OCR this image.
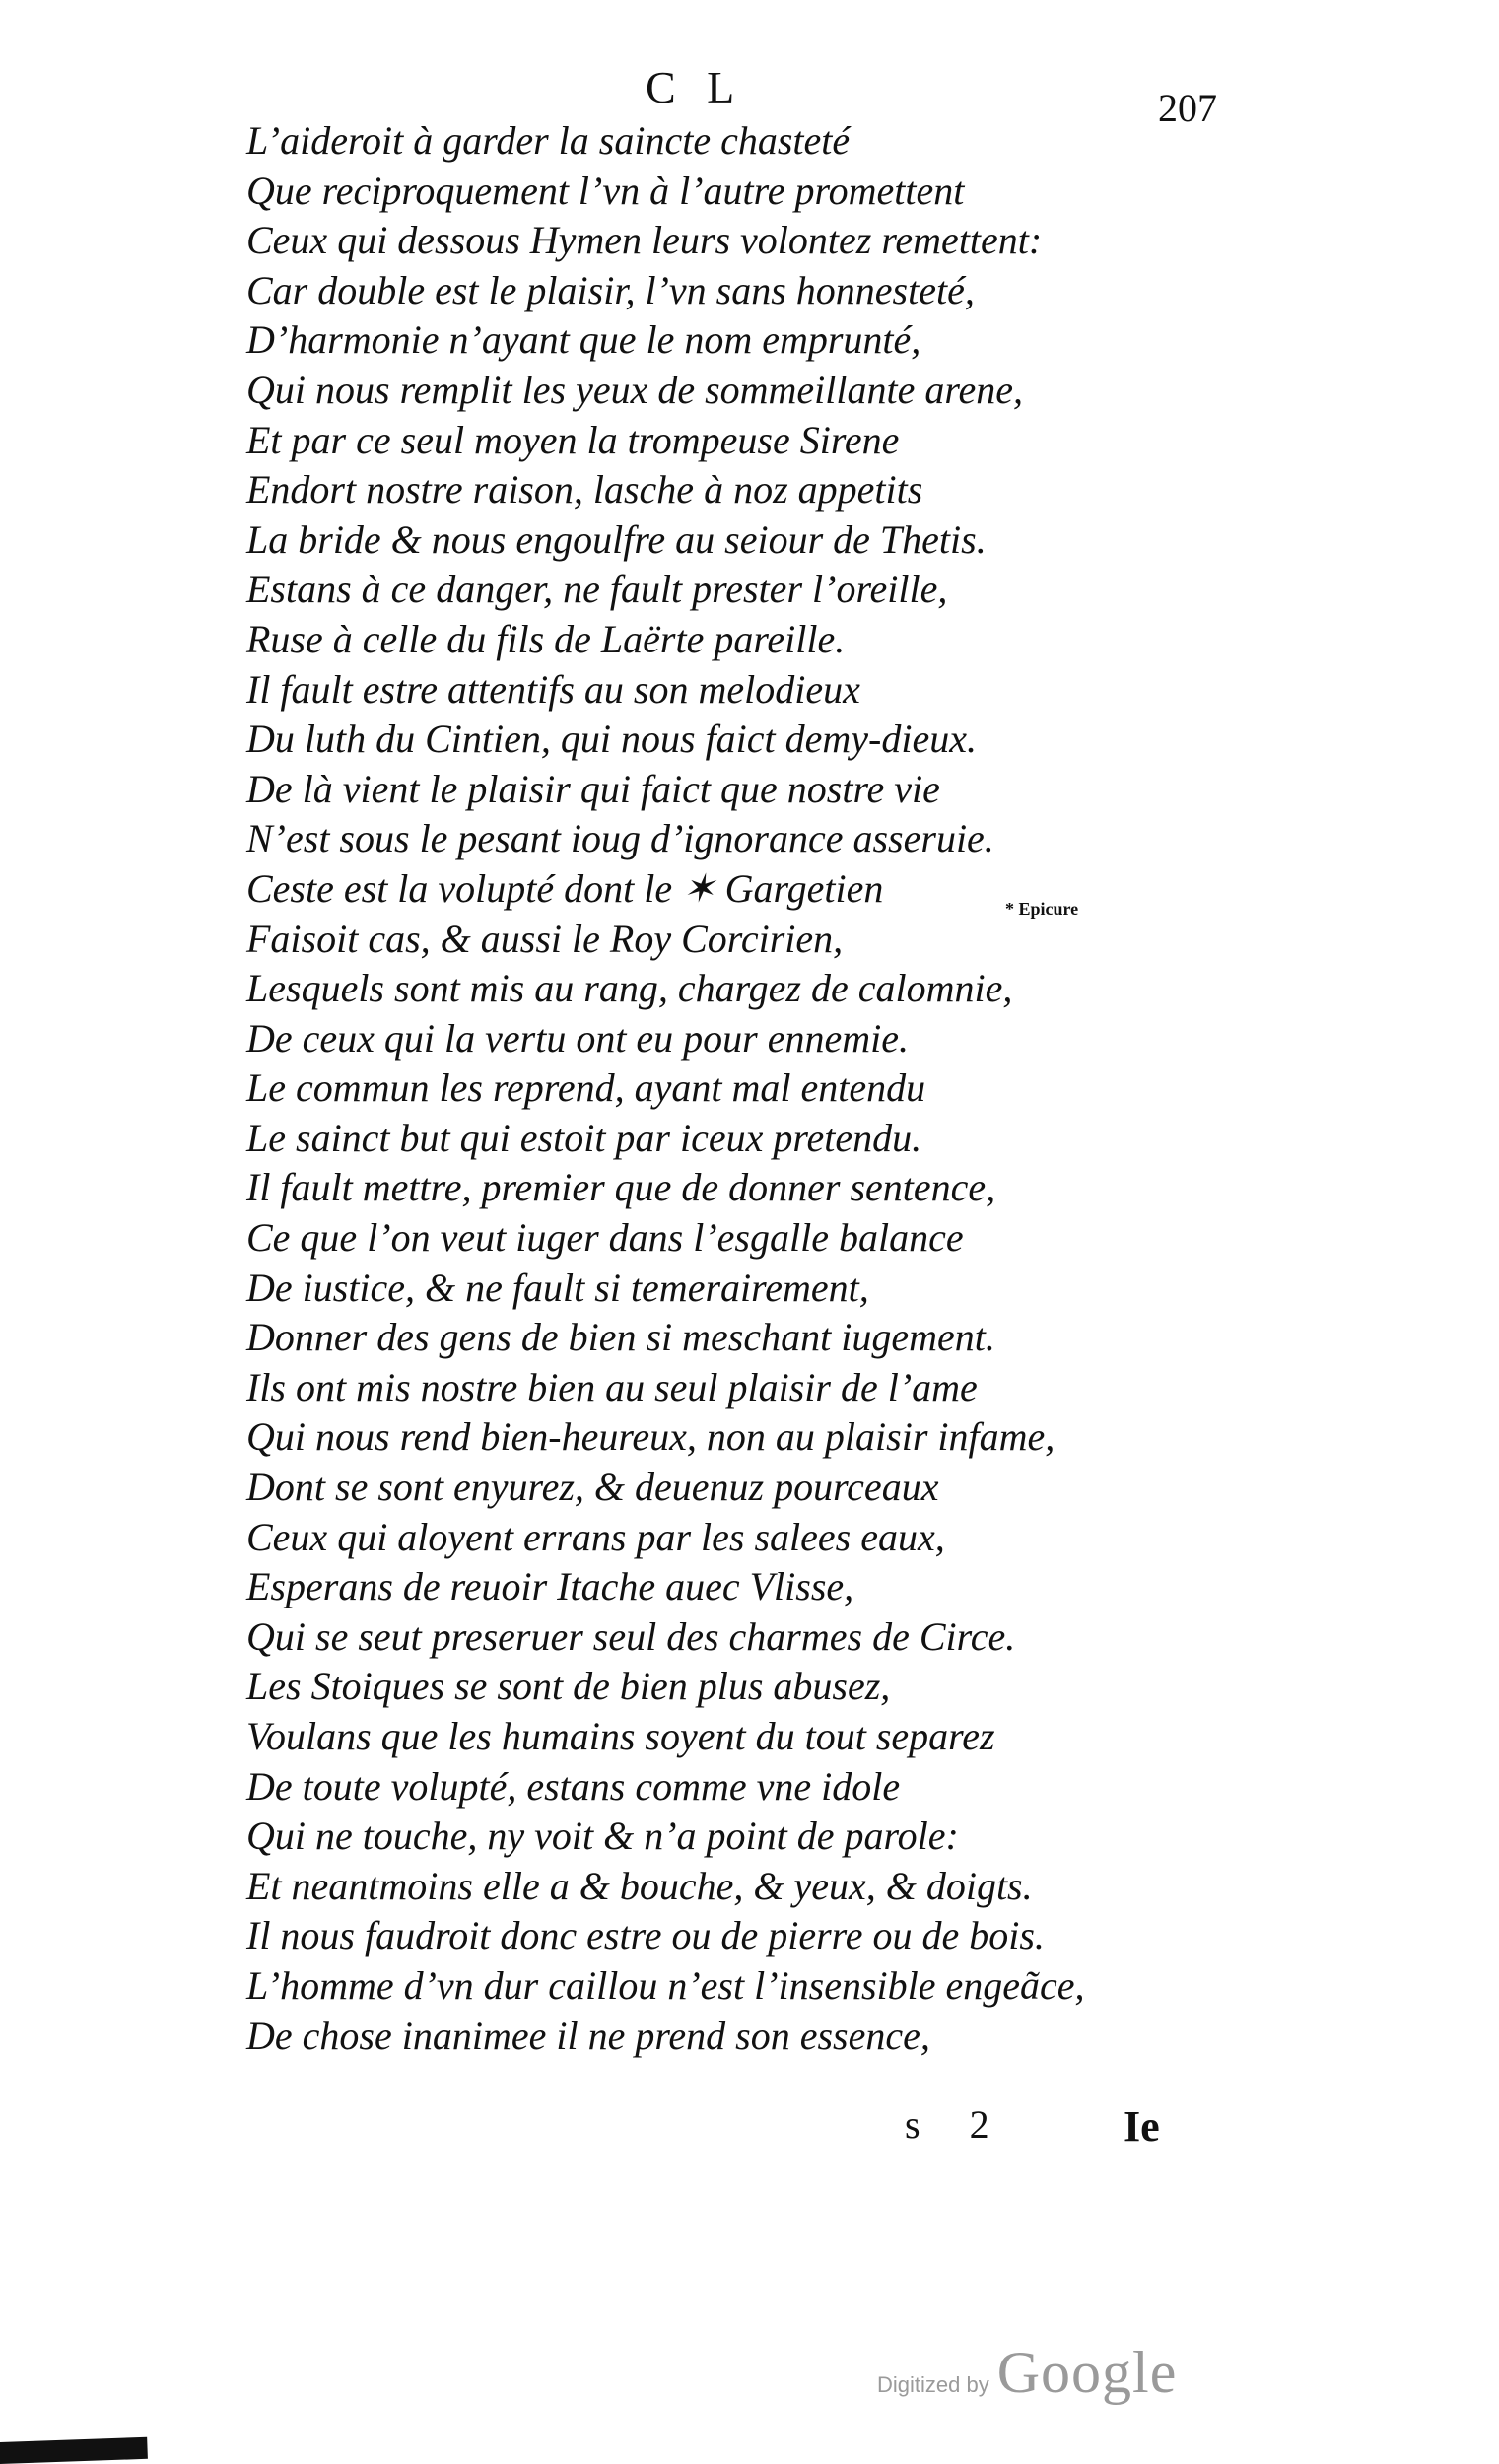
C L	207
L’aideroit à garder la saincte chasteté
Que reciproquement l’vn à l’autre promettent
Ceux qui dessous Hymen leurs volontez remettent:
Car double est le plaisir, l’vn sans honnesteté,
D’harmonie n’ayant que le nom emprunté,
Qui nous remplit les yeux de sommeillante arene,
Et par ce seul moyen la trompeuse Sirene
Endort nostre raison, lasche à noz appetits
La bride & nous engoulfre au seiour de Thetis.
Estans à ce danger, ne fault prester l’oreille,
Ruse à celle du fils de Laërte pareille.
Il fault estre attentifs au son melodieux
Du luth du Cintien, qui nous faict demy-dieux.
De là vient le plaisir qui faict que nostre vie
N’est sous le pesant ioug d’ignorance asseruie.
Ceste est la volupté dont le ✶ Gargetien
Faisoit cas, & aussi le Roy Corcirien,
Lesquels sont mis au rang, chargez de calomnie,
De ceux qui la vertu ont eu pour ennemie.
Le commun les reprend, ayant mal entendu
Le sainct but qui estoit par iceux pretendu.
Il fault mettre, premier que de donner sentence,
Ce que l’on veut iuger dans l’esgalle balance
De iustice, & ne fault si temerairement,
Donner des gens de bien si meschant iugement.
Ils ont mis nostre bien au seul plaisir de l’ame
Qui nous rend bien-heureux, non au plaisir infame,
Dont se sont enyurez, & deuenuz pourceaux
Ceux qui aloyent errans par les salees eaux,
Esperans de reuoir Itache auec Vlisse,
Qui se seut preseruer seul des charmes de Circe.
Les Stoiques se sont de bien plus abusez,
Voulans que les humains soyent du tout separez
De toute volupté, estans comme vne idole
Qui ne touche, ny voit & n’a point de parole:
Et neantmoins elle a & bouche, & yeux, & doigts.
Il nous faudroit donc estre ou de pierre ou de bois.
L’homme d’vn dur caillou n’est l’insensible engeãce,
De chose inanimee il ne prend son essence,
* Epicure
s 2	Ie
Digitized by Google
